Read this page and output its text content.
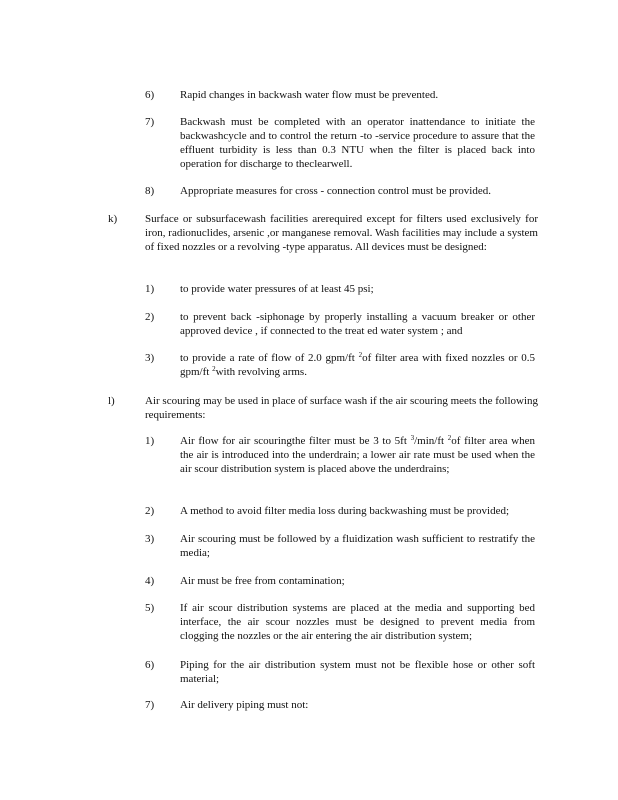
6) Rapid changes in backwash water flow must be prevented.
7) Backwash must be completed with an operator inattendance to initiate the backwashcycle and to control the return -to -service procedure to assure that the effluent turbidity is less than 0.3 NTU when the filter is placed back into operation for discharge to theclearwell.
8) Appropriate measures for cross - connection control must be provided.
k)	Surface or subsurfacewash facilities arerequired except for filters used exclusively for iron, radionuclides, arsenic ,or manganese removal. Wash facilities may include a system of fixed nozzles or a revolving -type apparatus. All devices must be designed:
1) to provide water pressures of at least 45 psi;
2) to prevent back -siphonage by properly installing a vacuum breaker or other approved device , if connected to the treat ed water system ; and
3) to provide a rate of flow of 2.0 gpm/ft $^2$of filter area with fixed nozzles or 0.5 gpm/ft $^2$with revolving arms.
l)	Air scouring may be used in place of surface wash if the air scouring meets the following requirements:
1) Air flow for air scouringthe filter must be 3 to 5ft $^3$/min/ft $^2$of filter area when the air is introduced into the underdrain; a lower air rate must be used when the air scour distribution system is placed above the underdrains;
2) A method to avoid filter media loss during backwashing must be provided;
3) Air scouring must be followed by a fluidization wash sufficient to restratify the media;
4) Air must be free from contamination;
5) If air scour distribution systems are placed at the media and supporting bed interface, the air scour nozzles must be designed to prevent media from clogging the nozzles or the air entering the air distribution system;
6) Piping for the air distribution system must not be flexible hose or other soft material;
7) Air delivery piping must not:
